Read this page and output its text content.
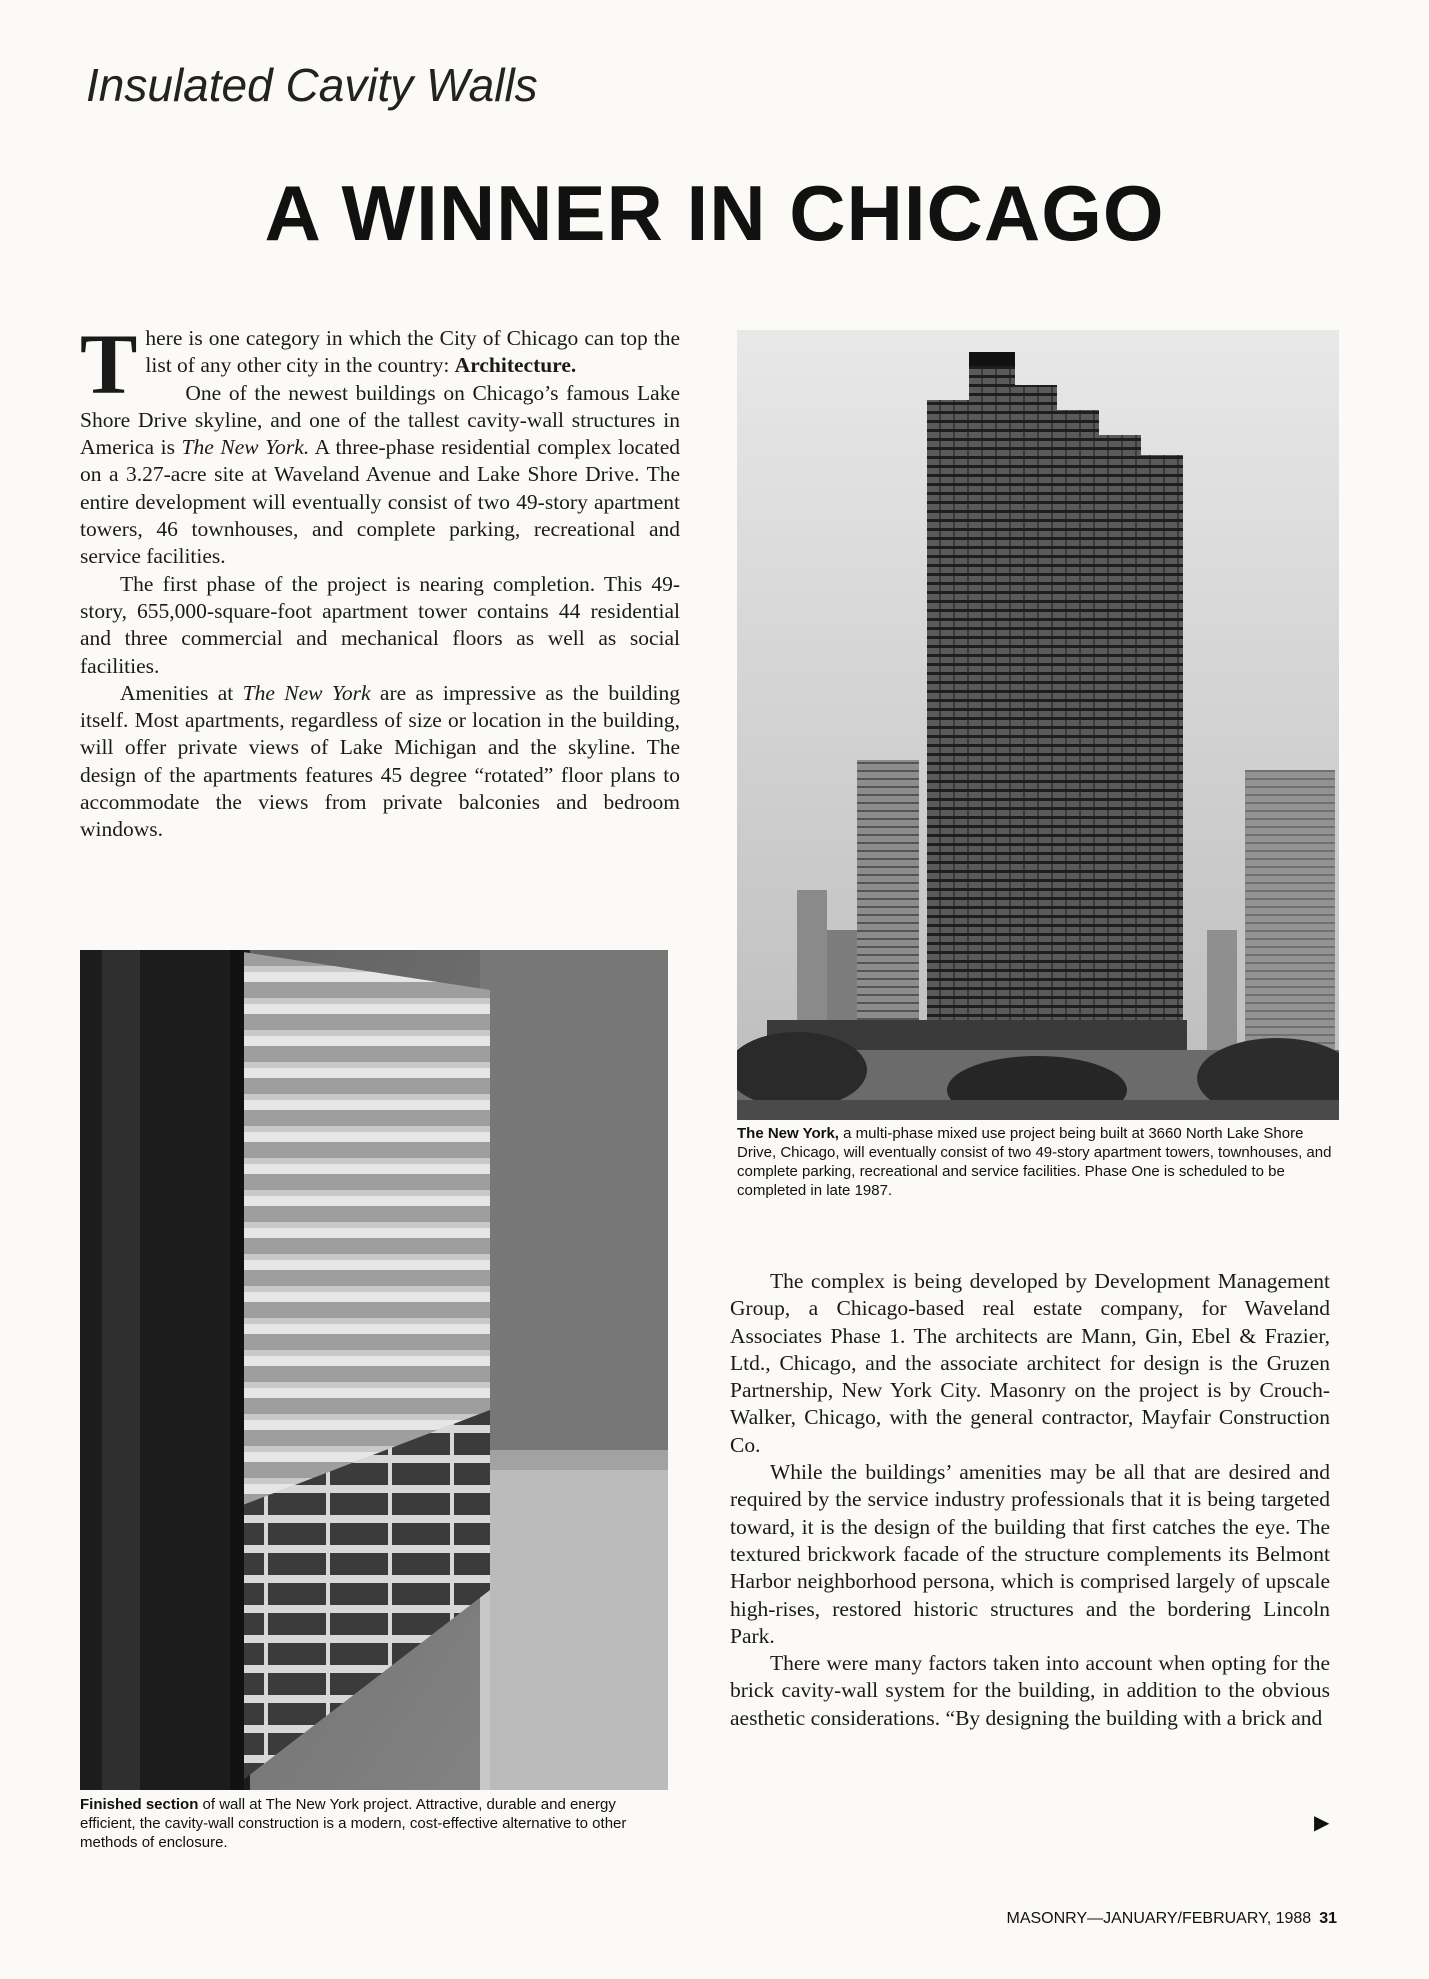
Insulated Cavity Walls
A WINNER IN CHICAGO

There is one category in which the City of Chicago can top the list of any other city in the country: Architecture.

One of the newest buildings on Chicago’s famous Lake Shore Drive skyline, and one of the tallest cavity-wall structures in America is The New York. A three-phase residential complex located on a 3.27-acre site at Waveland Avenue and Lake Shore Drive. The entire development will eventually consist of two 49-story apartment towers, 46 townhouses, and complete parking, recreational and service facilities.

The first phase of the project is nearing completion. This 49-story, 655,000-square-foot apartment tower contains 44 residential and three commercial and mechanical floors as well as social facilities.

Amenities at The New York are as impressive as the building itself. Most apartments, regardless of size or location in the building, will offer private views of Lake Michigan and the skyline. The design of the apartments features 45 degree “rotated” floor plans to accommodate the views from private balconies and bedroom windows.

The New York, a multi-phase mixed use project being built at 3660 North Lake Shore Drive, Chicago, will eventually consist of two 49-story apartment towers, townhouses, and complete parking, recreational and service facilities. Phase One is scheduled to be completed in late 1987.
Finished section of wall at The New York project. Attractive, durable and energy efficient, the cavity-wall construction is a modern, cost-effective alternative to other methods of enclosure.

The complex is being developed by Development Management Group, a Chicago-based real estate company, for Waveland Associates Phase 1. The architects are Mann, Gin, Ebel & Frazier, Ltd., Chicago, and the associate architect for design is the Gruzen Partnership, New York City. Masonry on the project is by Crouch-Walker, Chicago, with the general contractor, Mayfair Construction Co.

While the buildings’ amenities may be all that are desired and required by the service industry professionals that it is being targeted toward, it is the design of the building that first catches the eye. The textured brickwork facade of the structure complements its Belmont Harbor neighborhood persona, which is comprised largely of upscale high-rises, restored historic structures and the bordering Lincoln Park.

There were many factors taken into account when opting for the brick cavity-wall system for the building, in addition to the obvious aesthetic considerations. “By designing the building with a brick and

▶
MASONRY—JANUARY/FEBRUARY, 1988 31
